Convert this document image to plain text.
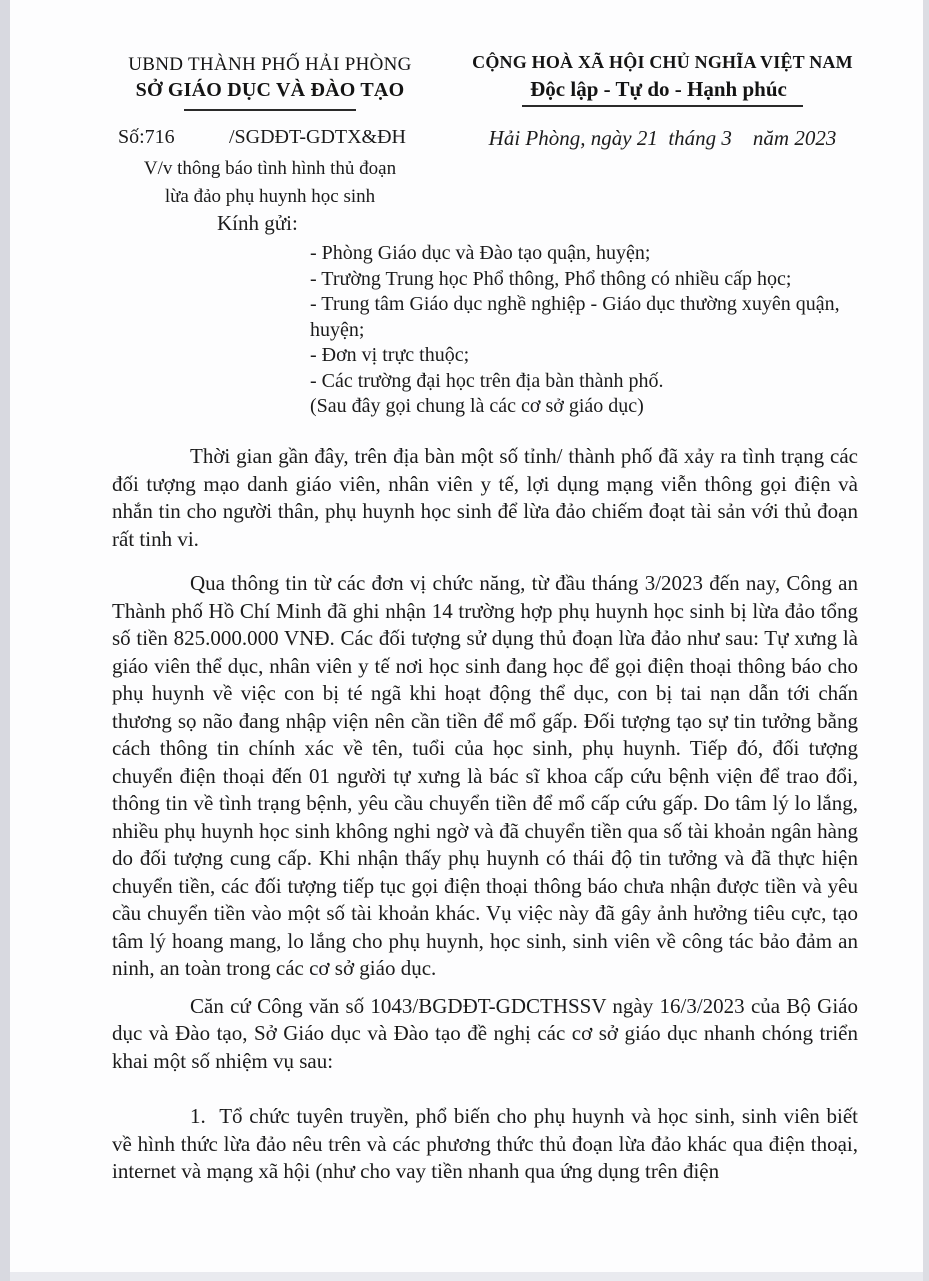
UBND THÀNH PHỐ HẢI PHÒNG
SỞ GIÁO DỤC VÀ ĐÀO TẠO
CỘNG HOÀ XÃ HỘI CHỦ NGHĨA VIỆT NAM
Độc lập - Tự do - Hạnh phúc
Số:716	/SGDĐT-GDTX&ĐH
V/v thông báo tình hình thủ đoạn
lừa đảo phụ huynh học sinh
Hải Phòng, ngày 21  tháng 3    năm 2023
Kính gửi:
- Phòng Giáo dục và Đào tạo quận, huyện;
- Trường Trung học Phổ thông, Phổ thông có nhiều cấp học;
- Trung tâm Giáo dục nghề nghiệp - Giáo dục thường xuyên quận, huyện;
- Đơn vị trực thuộc;
- Các trường đại học trên địa bàn thành phố.
(Sau đây gọi chung là các cơ sở giáo dục)

Thời gian gần đây, trên địa bàn một số tỉnh/ thành phố đã xảy ra tình trạng các đối tượng mạo danh giáo viên, nhân viên y tế, lợi dụng mạng viễn thông gọi điện và nhắn tin cho người thân, phụ huynh học sinh để lừa đảo chiếm đoạt tài sản với thủ đoạn rất tinh vi.

Qua thông tin từ các đơn vị chức năng, từ đầu tháng 3/2023 đến nay, Công an Thành phố Hồ Chí Minh đã ghi nhận 14 trường hợp phụ huynh học sinh bị lừa đảo tổng số tiền 825.000.000 VNĐ. Các đối tượng sử dụng thủ đoạn lừa đảo như sau: Tự xưng là giáo viên thể dục, nhân viên y tế nơi học sinh đang học để gọi điện thoại thông báo cho phụ huynh về việc con bị té ngã khi hoạt động thể dục, con bị tai nạn dẫn tới chấn thương sọ não đang nhập viện nên cần tiền để mổ gấp. Đối tượng tạo sự tin tưởng bằng cách thông tin chính xác về tên, tuổi của học sinh, phụ huynh. Tiếp đó, đối tượng chuyển điện thoại đến 01 người tự xưng là bác sĩ khoa cấp cứu bệnh viện để trao đổi, thông tin về tình trạng bệnh, yêu cầu chuyển tiền để mổ cấp cứu gấp. Do tâm lý lo lắng, nhiều phụ huynh học sinh không nghi ngờ và đã chuyển tiền qua số tài khoản ngân hàng do đối tượng cung cấp. Khi nhận thấy phụ huynh có thái độ tin tưởng và đã thực hiện chuyển tiền, các đối tượng tiếp tục gọi điện thoại thông báo chưa nhận được tiền và yêu cầu chuyển tiền vào một số tài khoản khác. Vụ việc này đã gây ảnh hưởng tiêu cực, tạo tâm lý hoang mang, lo lắng cho phụ huynh, học sinh, sinh viên về công tác bảo đảm an ninh, an toàn trong các cơ sở giáo dục.

Căn cứ Công văn số 1043/BGDĐT-GDCTHSSV ngày 16/3/2023 của Bộ Giáo dục và Đào tạo, Sở Giáo dục và Đào tạo đề nghị các cơ sở giáo dục nhanh chóng triển khai một số nhiệm vụ sau:

1.  Tổ chức tuyên truyền, phổ biến cho phụ huynh và học sinh, sinh viên biết về hình thức lừa đảo nêu trên và các phương thức thủ đoạn lừa đảo khác qua điện thoại, internet và mạng xã hội (như cho vay tiền nhanh qua ứng dụng trên điện
